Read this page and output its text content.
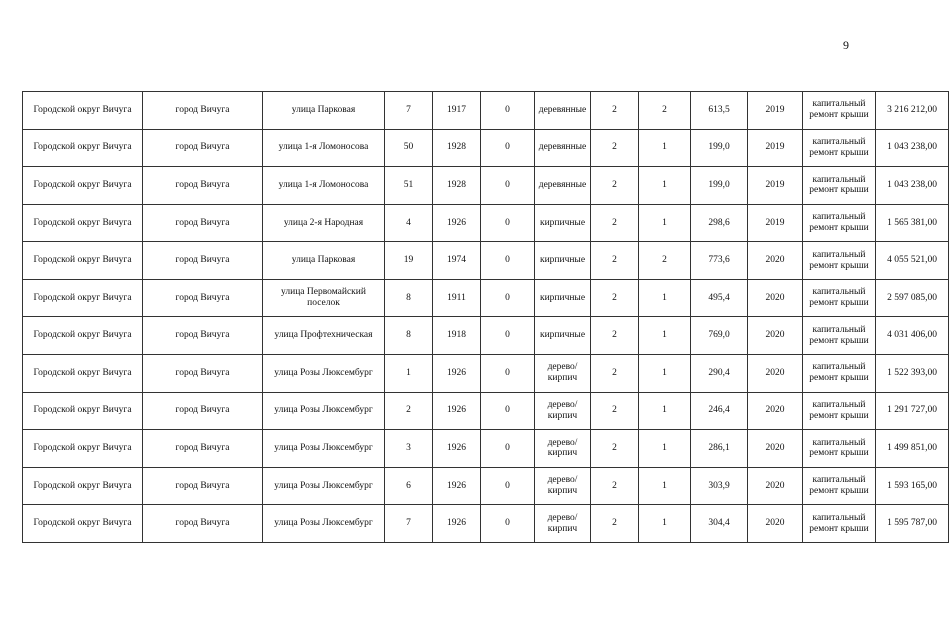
9
Городской округ Вичуга	город Вичуга	улица Парковая	7	1917	0	деревянные	2	2	613,5	2019	капитальный ремонт крыши	3 216 212,00
Городской округ Вичуга	город Вичуга	улица 1-я Ломоносова	50	1928	0	деревянные	2	1	199,0	2019	капитальный ремонт крыши	1 043 238,00
Городской округ Вичуга	город Вичуга	улица 1-я Ломоносова	51	1928	0	деревянные	2	1	199,0	2019	капитальный ремонт крыши	1 043 238,00
Городской округ Вичуга	город Вичуга	улица 2-я Народная	4	1926	0	кирпичные	2	1	298,6	2019	капитальный ремонт крыши	1 565 381,00
Городской округ Вичуга	город Вичуга	улица Парковая	19	1974	0	кирпичные	2	2	773,6	2020	капитальный ремонт крыши	4 055 521,00
Городской округ Вичуга	город Вичуга	улица Первомайский поселок	8	1911	0	кирпичные	2	1	495,4	2020	капитальный ремонт крыши	2 597 085,00
Городской округ Вичуга	город Вичуга	улица Профтехническая	8	1918	0	кирпичные	2	1	769,0	2020	капитальный ремонт крыши	4 031 406,00
Городской округ Вичуга	город Вичуга	улица Розы Люксембург	1	1926	0	дерево/кирпич	2	1	290,4	2020	капитальный ремонт крыши	1 522 393,00
Городской округ Вичуга	город Вичуга	улица Розы Люксембург	2	1926	0	дерево/кирпич	2	1	246,4	2020	капитальный ремонт крыши	1 291 727,00
Городской округ Вичуга	город Вичуга	улица Розы Люксембург	3	1926	0	дерево/кирпич	2	1	286,1	2020	капитальный ремонт крыши	1 499 851,00
Городской округ Вичуга	город Вичуга	улица Розы Люксембург	6	1926	0	дерево/кирпич	2	1	303,9	2020	капитальный ремонт крыши	1 593 165,00
Городской округ Вичуга	город Вичуга	улица Розы Люксембург	7	1926	0	дерево/кирпич	2	1	304,4	2020	капитальный ремонт крыши	1 595 787,00
